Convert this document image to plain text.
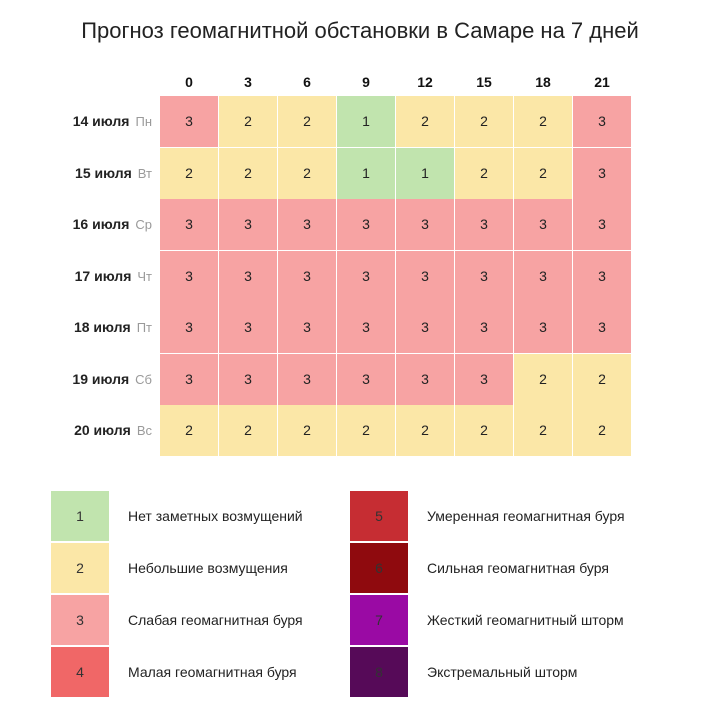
Прогноз геомагнитной обстановки в Самаре на 7 дней
0	3	6	9	12	15	18	21
14 июля Пн	3	2	2	1	2	2	2	3
15 июля Вт	2	2	2	1	1	2	2	3
16 июля Ср	3	3	3	3	3	3	3	3
17 июля Чт	3	3	3	3	3	3	3	3
18 июля Пт	3	3	3	3	3	3	3	3
19 июля Сб	3	3	3	3	3	3	2	2
20 июля Вс	2	2	2	2	2	2	2	2
1	Нет заметных возмущений
2	Небольшие возмущения
3	Слабая геомагнитная буря
4	Малая геомагнитная буря
5	Умеренная геомагнитная буря
6	Сильная геомагнитная буря
7	Жесткий геомагнитный шторм
8	Экстремальный шторм
